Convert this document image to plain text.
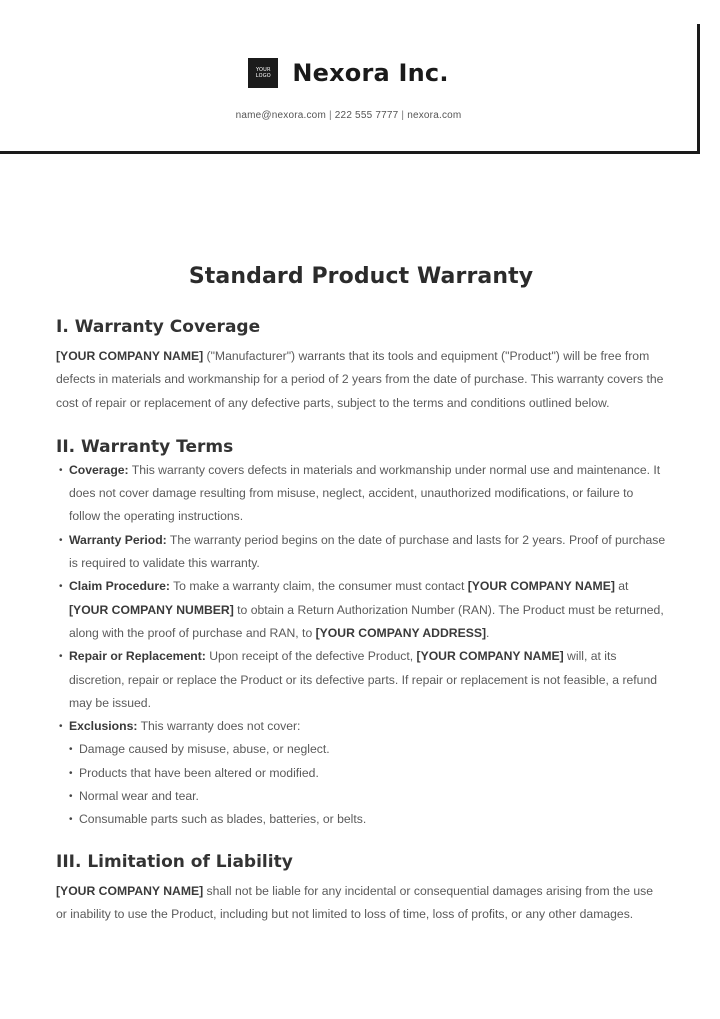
YOUR
LOGO Nexora Inc.
name@nexora.com | 222 555 7777 | nexora.com
Standard Product Warranty
I. Warranty Coverage

[YOUR COMPANY NAME] ("Manufacturer") warrants that its tools and equipment ("Product") will be free from defects in materials and workmanship for a period of 2 years from the date of purchase. This warranty covers the cost of repair or replacement of any defective parts, subject to the terms and conditions outlined below.

II. Warranty Terms
• Coverage: This warranty covers defects in materials and workmanship under normal use and maintenance. It does not cover damage resulting from misuse, neglect, accident, unauthorized modifications, or failure to follow the operating instructions.
• Warranty Period: The warranty period begins on the date of purchase and lasts for 2 years. Proof of purchase is required to validate this warranty.
• Claim Procedure: To make a warranty claim, the consumer must contact [YOUR COMPANY NAME] at [YOUR COMPANY NUMBER] to obtain a Return Authorization Number (RAN). The Product must be returned, along with the proof of purchase and RAN, to [YOUR COMPANY ADDRESS].
• Repair or Replacement: Upon receipt of the defective Product, [YOUR COMPANY NAME] will, at its discretion, repair or replace the Product or its defective parts. If repair or replacement is not feasible, a refund may be issued.
• Exclusions: This warranty does not cover:
• Damage caused by misuse, abuse, or neglect.
• Products that have been altered or modified.
• Normal wear and tear.
• Consumable parts such as blades, batteries, or belts.
III. Limitation of Liability

[YOUR COMPANY NAME] shall not be liable for any incidental or consequential damages arising from the use or inability to use the Product, including but not limited to loss of time, loss of profits, or any other damages.
